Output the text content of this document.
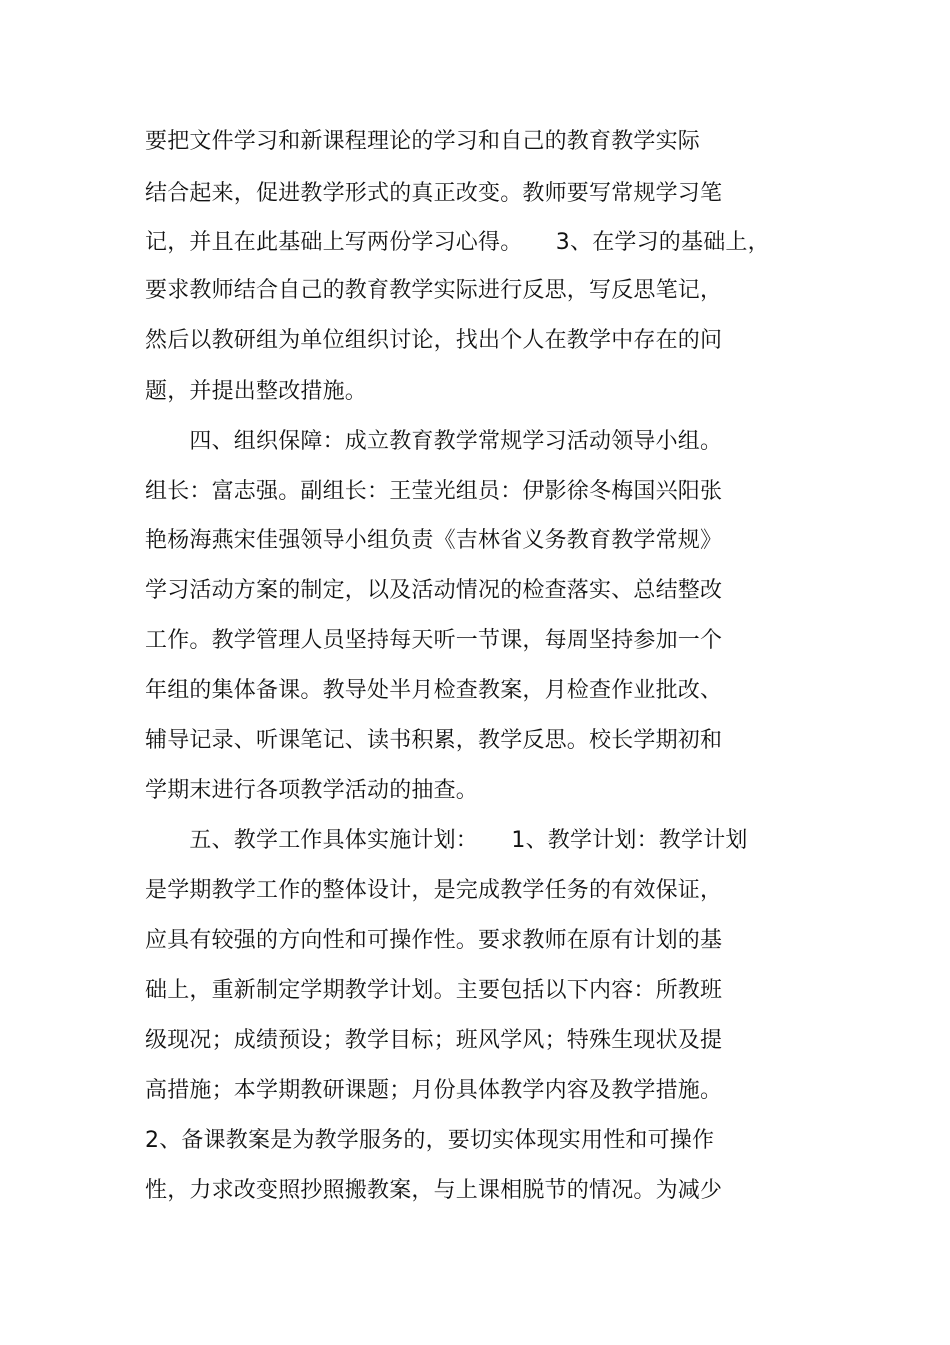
要把文件学习和新课程理论的学习和自己的教育教学实际
结合起来，促进教学形式的真正改变。教师要写常规学习笔
记，并且在此基础上写两份学习心得。　　3、在学习的基础上，
要求教师结合自己的教育教学实际进行反思，写反思笔记，
然后以教研组为单位组织讨论，找出个人在教学中存在的问
题，并提出整改措施。
　　四、组织保障：成立教育教学常规学习活动领导小组。
组长：富志强。副组长：王莹光组员：伊影徐冬梅国兴阳张
艳杨海燕宋佳强领导小组负责《吉林省义务教育教学常规》
学习活动方案的制定，以及活动情况的检查落实、总结整改
工作。教学管理人员坚持每天听一节课，每周坚持参加一个
年组的集体备课。教导处半月检查教案，月检查作业批改、
辅导记录、听课笔记、读书积累，教学反思。校长学期初和
学期末进行各项教学活动的抽查。
　　五、教学工作具体实施计划：　　1、教学计划：教学计划
是学期教学工作的整体设计，是完成教学任务的有效保证，
应具有较强的方向性和可操作性。要求教师在原有计划的基
础上，重新制定学期教学计划。主要包括以下内容：所教班
级现况；成绩预设；教学目标；班风学风；特殊生现状及提
高措施；本学期教研课题；月份具体教学内容及教学措施。
2、备课教案是为教学服务的，要切实体现实用性和可操作
性，力求改变照抄照搬教案，与上课相脱节的情况。为减少
